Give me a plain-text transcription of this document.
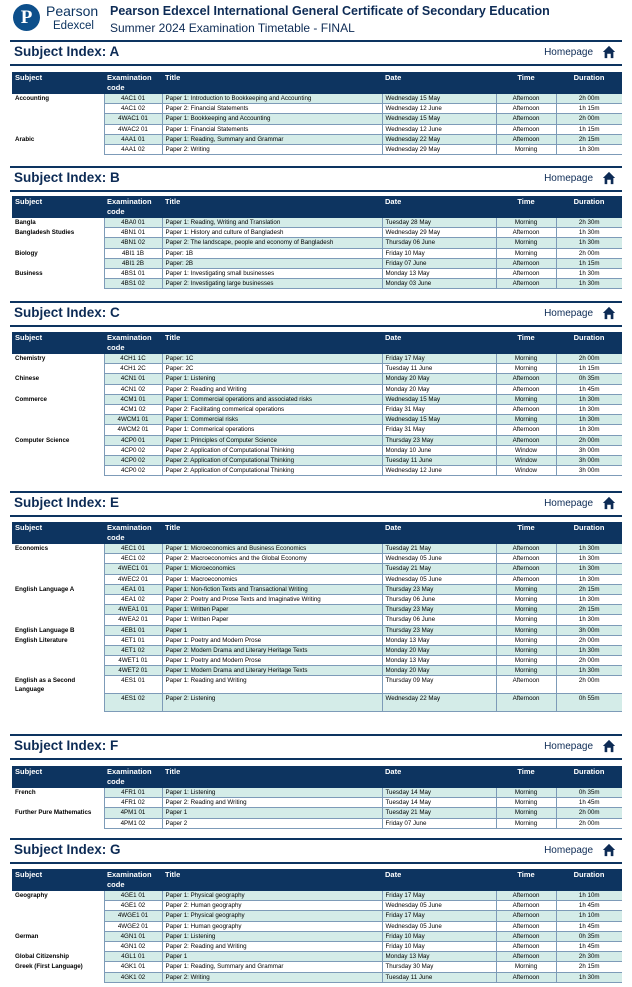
P Pearson
Edexcel
Pearson Edexcel International General Certificate of Secondary Education
Summer 2024 Examination Timetable - FINAL
Subject Index: A	Homepage
Subject	Examination code	Title	Date	Time	Duration
Accounting	4AC1 01	Paper 1: Introduction to Bookkeeping and Accounting	Wednesday 15 May	Afternoon	2h 00m
	4AC1 02	Paper 2: Financial Statements	Wednesday 12 June	Afternoon	1h 15m
	4WAC1 01	Paper 1: Bookkeeping and Accounting	Wednesday 15 May	Afternoon	2h 00m
	4WAC2 01	Paper 1: Financial Statements	Wednesday 12 June	Afternoon	1h 15m
Arabic	4AA1 01	Paper 1: Reading, Summary and Grammar	Wednesday 22 May	Afternoon	2h 15m
	4AA1 02	Paper 2: Writing	Wednesday 29 May	Morning	1h 30m
Subject Index: B	Homepage
Subject	Examination code	Title	Date	Time	Duration
Bangla	4BA0 01	Paper 1: Reading, Writing and Translation	Tuesday 28 May	Morning	2h 30m
Bangladesh Studies	4BN1 01	Paper 1: History and culture of Bangladesh	Wednesday 29 May	Afternoon	1h 30m
	4BN1 02	Paper 2: The landscape, people and economy of Bangladesh	Thursday 06 June	Morning	1h 30m
Biology	4BI1 1B	Paper: 1B	Friday 10 May	Morning	2h 00m
	4BI1 2B	Paper: 2B	Friday 07 June	Afternoon	1h 15m
Business	4BS1 01	Paper 1: Investigating small businesses	Monday 13 May	Afternoon	1h 30m
	4BS1 02	Paper 2: Investigating large businesses	Monday 03 June	Afternoon	1h 30m
Subject Index: C	Homepage
Subject	Examination code	Title	Date	Time	Duration
Chemistry	4CH1 1C	Paper: 1C	Friday 17 May	Morning	2h 00m
	4CH1 2C	Paper: 2C	Tuesday 11 June	Morning	1h 15m
Chinese	4CN1 01	Paper 1: Listening	Monday 20 May	Afternoon	0h 35m
	4CN1 02	Paper 2: Reading and Writing	Monday 20 May	Afternoon	1h 45m
Commerce	4CM1 01	Paper 1: Commercial operations and associated risks	Wednesday 15 May	Morning	1h 30m
	4CM1 02	Paper 2: Facilitating commerical operations	Friday 31 May	Afternoon	1h 30m
	4WCM1 01	Paper 1: Commercial risks	Wednesday 15 May	Morning	1h 30m
	4WCM2 01	Paper 1: Commerical operations	Friday 31 May	Afternoon	1h 30m
Computer Science	4CP0 01	Paper 1: Principles of Computer Science	Thursday 23 May	Afternoon	2h 00m
	4CP0 02	Paper 2: Application of Computational Thinking	Monday 10 June	Window	3h 00m
	4CP0 02	Paper 2: Application of Computational Thinking	Tuesday 11 June	Window	3h 00m
	4CP0 02	Paper 2: Application of Computational Thinking	Wednesday 12 June	Window	3h 00m
Subject Index: E	Homepage
Subject	Examination code	Title	Date	Time	Duration
Economics	4EC1 01	Paper 1: Microeconomics and Business Economics	Tuesday 21 May	Afternoon	1h 30m
	4EC1 02	Paper 2: Macroeconomics and the Global Economy	Wednesday 05 June	Afternoon	1h 30m
	4WEC1 01	Paper 1: Microeconomics	Tuesday 21 May	Afternoon	1h 30m
	4WEC2 01	Paper 1: Macroeconomics	Wednesday 05 June	Afternoon	1h 30m
English Language A	4EA1 01	Paper 1: Non-fiction Texts and Transactional Writing	Thursday 23 May	Morning	2h 15m
	4EA1 02	Paper 2: Poetry and Prose Texts and Imaginative Writing	Thursday 06 June	Morning	1h 30m
	4WEA1 01	Paper 1: Written Paper	Thursday 23 May	Morning	2h 15m
	4WEA2 01	Paper 1: Written Paper	Thursday 06 June	Morning	1h 30m
English Language B	4EB1 01	Paper 1	Thursday 23 May	Morning	3h 00m
English Literature	4ET1 01	Paper 1: Poetry and Modern Prose	Monday 13 May	Morning	2h 00m
	4ET1 02	Paper 2: Modern Drama and Literary Heritage Texts	Monday 20 May	Morning	1h 30m
	4WET1 01	Paper 1: Poetry and Modern Prose	Monday 13 May	Morning	2h 00m
	4WET2 01	Paper 1: Modern Drama and Literary Heritage Texts	Monday 20 May	Morning	1h 30m
English as a Second Language	4ES1 01	Paper 1: Reading and Writing	Thursday 09 May	Afternoon	2h 00m
	4ES1 02	Paper 2: Listening	Wednesday 22 May	Afternoon	0h 55m
Subject Index: F	Homepage
Subject	Examination code	Title	Date	Time	Duration
French	4FR1 01	Paper 1: Listening	Tuesday 14 May	Morning	0h 35m
	4FR1 02	Paper 2: Reading and Writing	Tuesday 14 May	Morning	1h 45m
Further Pure Mathematics	4PM1 01	Paper 1	Tuesday 21 May	Morning	2h 00m
	4PM1 02	Paper 2	Friday 07 June	Morning	2h 00m
Subject Index: G	Homepage
Subject	Examination code	Title	Date	Time	Duration
Geography	4GE1 01	Paper 1: Physical geography	Friday 17 May	Afternoon	1h 10m
	4GE1 02	Paper 2: Human geography	Wednesday 05 June	Afternoon	1h 45m
	4WGE1 01	Paper 1: Physical geography	Friday 17 May	Afternoon	1h 10m
	4WGE2 01	Paper 1: Human geography	Wednesday 05 June	Afternoon	1h 45m
German	4GN1 01	Paper 1: Listening	Friday 10 May	Afternoon	0h 35m
	4GN1 02	Paper 2: Reading and Writing	Friday 10 May	Afternoon	1h 45m
Global Citizenship	4GL1 01	Paper 1	Monday 13 May	Afternoon	2h 30m
Greek (First Language)	4GK1 01	Paper 1: Reading, Summary and Grammar	Thursday 30 May	Morning	2h 15m
	4GK1 02	Paper 2: Writing	Tuesday 11 June	Afternoon	1h 30m
